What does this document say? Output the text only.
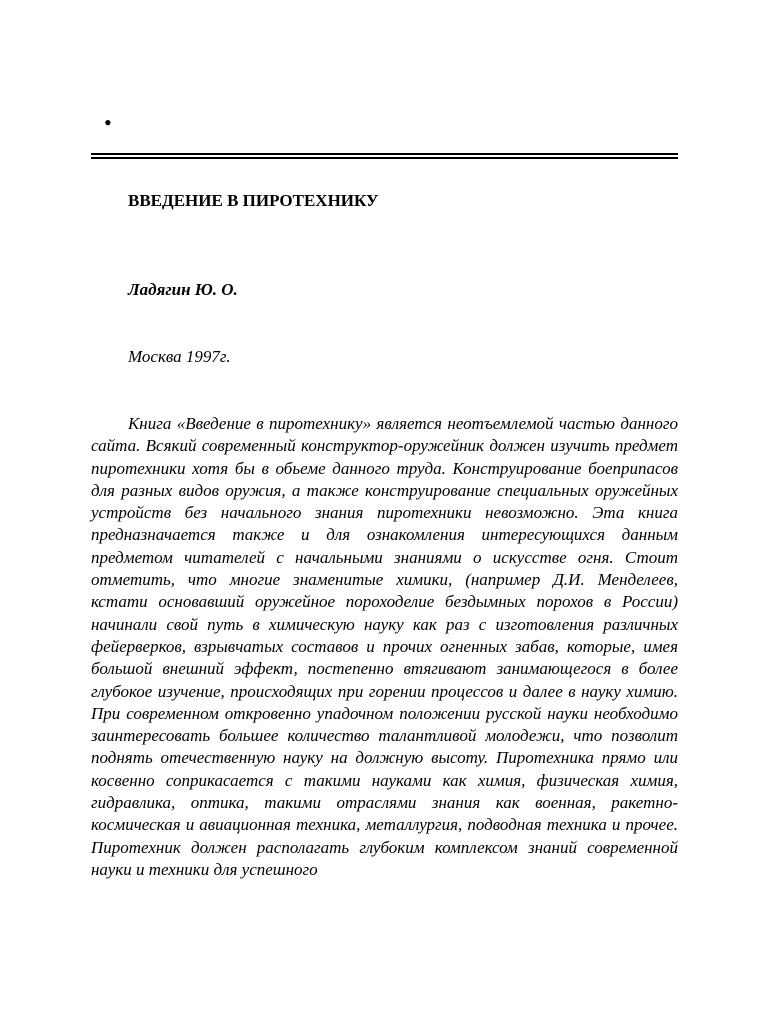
•
ВВЕДЕНИЕ В ПИРОТЕХНИКУ

Ладягин Ю. О.

Москва 1997г.

Книга «Введение в пиротехнику» является неотъемлемой частью данного сайта. Всякий современный конструктор-оружейник должен изучить предмет пиротехники хотя бы в обьеме данного труда. Конструирование боеприпасов для разных видов оружия, а также конструирование специальных оружейных устройств без начального знания пиротехники невозможно. Эта книга предназначается также и для ознакомления интересующихся данным предметом читателей с начальными знаниями о искусстве огня. Стоит отметить, что многие знаменитые химики, (например Д.И. Менделеев, кстати основавший оружейное пороходелие бездымных порохов в России) начинали свой путь в химическую науку как раз с изготовления различных фейерверков, взрывчатых составов и прочих огненных забав, которые, имея большой внешний эффект, постепенно втягивают занимающегося в более глубокое изучение, происходящих при горении процессов и далее в науку химию. При современном откровенно упадочном положении русской науки необходимо заинтересовать большее количество талантливой молодежи, что позволит поднять отечественную науку на должную высоту. Пиротехника прямо или косвенно соприкасается с такими науками как химия, физическая химия, гидравлика, оптика, такими отраслями знания как военная, ракетно-космическая и авиационная техника, металлургия, подводная техника и прочее. Пиротехник должен располагать глубоким комплексом знаний современной науки и техники для успешного
